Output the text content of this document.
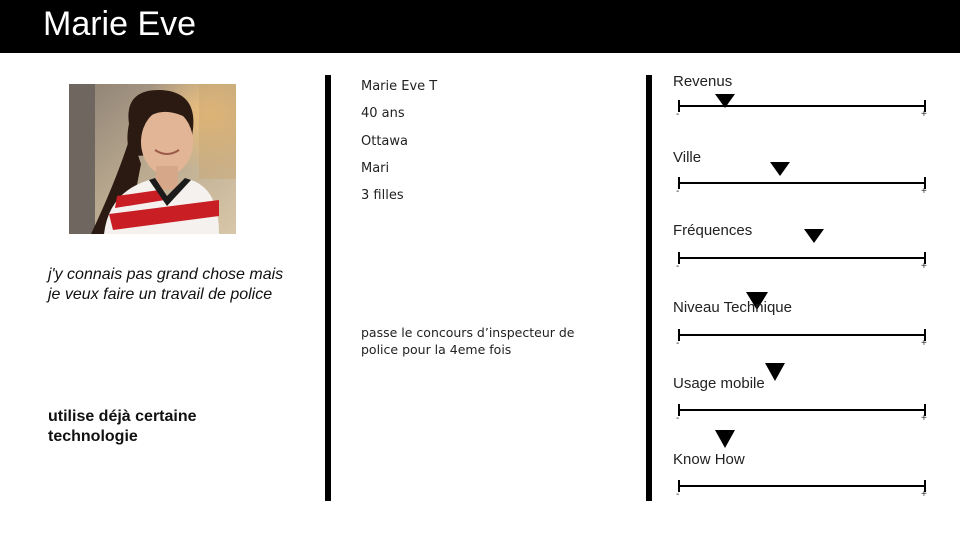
Marie Eve
j'y connais pas grand chose mais je veux faire un travail de police
utilise déjà certaine technologie
Marie Eve T
40 ans
Ottawa
Mari
3 filles
passe le concours d’inspecteur de police pour la 4eme fois
Revenus
-	+
Ville
-	+
Fréquences
-	+
Niveau Technique
-	+
Usage mobile
-	+
Know How
-	+
